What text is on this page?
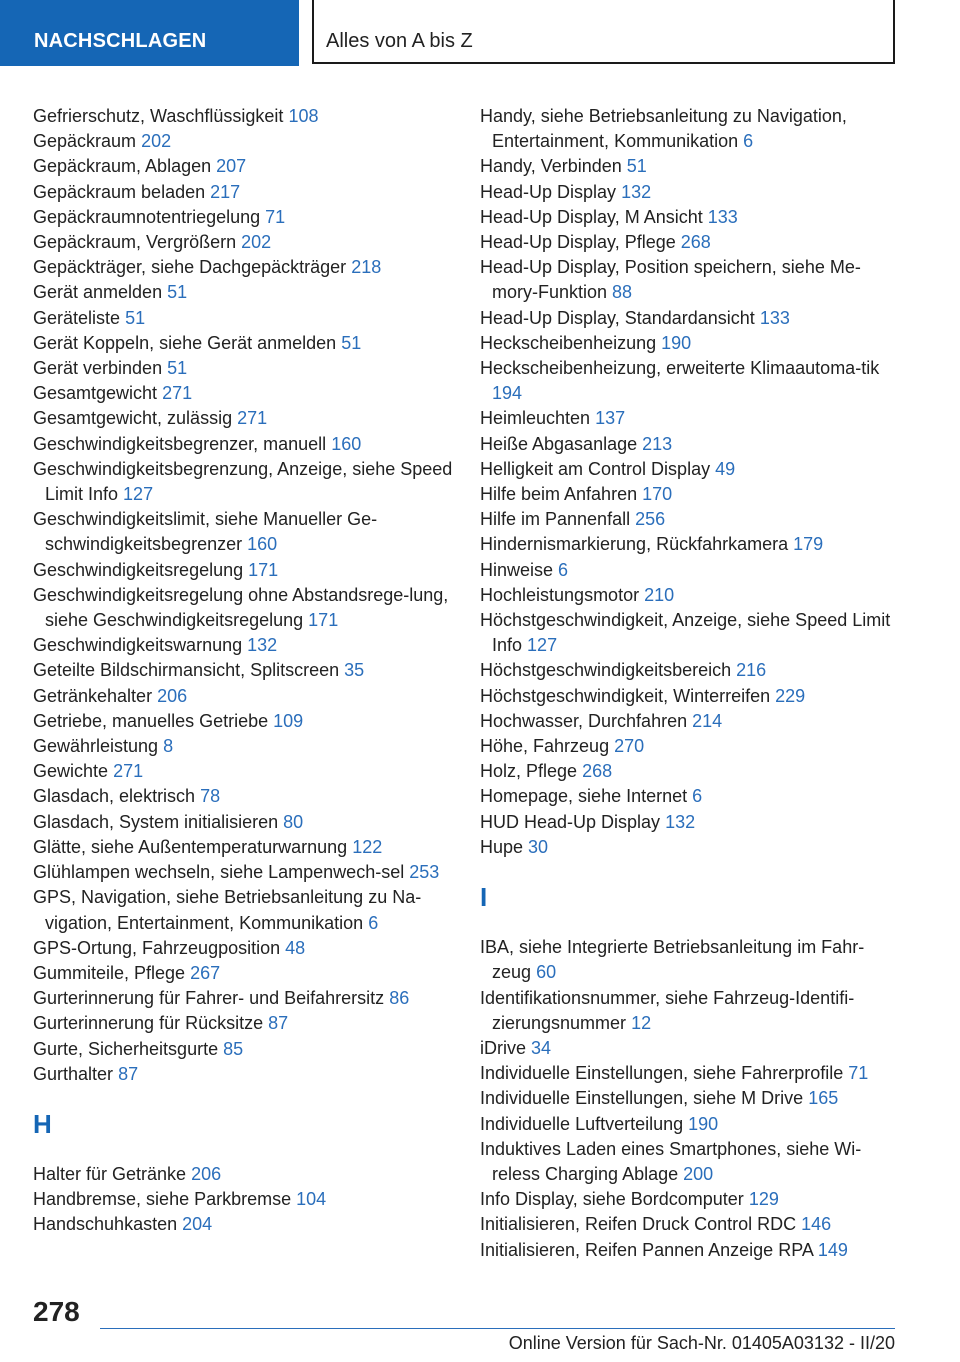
NACHSCHLAGEN	Alles von A bis Z

Gefrierschutz, Waschflüssigkeit 108

Gepäckraum 202

Gepäckraum, Ablagen 207

Gepäckraum beladen 217

Gepäckraumnotentriegelung 71

Gepäckraum, Vergrößern 202

Gepäckträger, siehe Dachgepäckträger 218

Gerät anmelden 51

Geräteliste 51

Gerät Koppeln, siehe Gerät anmelden 51

Gerät verbinden 51

Gesamtgewicht 271

Gesamtgewicht, zulässig 271

Geschwindigkeitsbegrenzer, manuell 160

Geschwindigkeitsbegrenzung, Anzeige, siehe Speed Limit Info 127

Geschwindigkeitslimit, siehe Manueller Ge-schwindigkeitsbegrenzer 160

Geschwindigkeitsregelung 171

Geschwindigkeitsregelung ohne Abstandsrege-lung, siehe Geschwindigkeitsregelung 171

Geschwindigkeitswarnung 132

Geteilte Bildschirmansicht, Splitscreen 35

Getränkehalter 206

Getriebe, manuelles Getriebe 109

Gewährleistung 8

Gewichte 271

Glasdach, elektrisch 78

Glasdach, System initialisieren 80

Glätte, siehe Außentemperaturwarnung 122

Glühlampen wechseln, siehe Lampenwech-sel 253

GPS, Navigation, siehe Betriebsanleitung zu Na-vigation, Entertainment, Kommunikation 6

GPS-Ortung, Fahrzeugposition 48

Gummiteile, Pflege 267

Gurterinnerung für Fahrer- und Beifahrersitz 86

Gurterinnerung für Rücksitze 87

Gurte, Sicherheitsgurte 85

Gurthalter 87

H

Halter für Getränke 206

Handbremse, siehe Parkbremse 104

Handschuhkasten 204

Handy, siehe Betriebsanleitung zu Navigation, Entertainment, Kommunikation 6

Handy, Verbinden 51

Head-Up Display 132

Head-Up Display, M Ansicht 133

Head-Up Display, Pflege 268

Head-Up Display, Position speichern, siehe Me-mory-Funktion 88

Head-Up Display, Standardansicht 133

Heckscheibenheizung 190

Heckscheibenheizung, erweiterte Klimaautoma-tik 194

Heimleuchten 137

Heiße Abgasanlage 213

Helligkeit am Control Display 49

Hilfe beim Anfahren 170

Hilfe im Pannenfall 256

Hindernismarkierung, Rückfahrkamera 179

Hinweise 6

Hochleistungsmotor 210

Höchstgeschwindigkeit, Anzeige, siehe Speed Limit Info 127

Höchstgeschwindigkeitsbereich 216

Höchstgeschwindigkeit, Winterreifen 229

Hochwasser, Durchfahren 214

Höhe, Fahrzeug 270

Holz, Pflege 268

Homepage, siehe Internet 6

HUD Head-Up Display 132

Hupe 30

I

IBA, siehe Integrierte Betriebsanleitung im Fahr-zeug 60

Identifikationsnummer, siehe Fahrzeug-Identifi-zierungsnummer 12

iDrive 34

Individuelle Einstellungen, siehe Fahrerprofile 71

Individuelle Einstellungen, siehe M Drive 165

Individuelle Luftverteilung 190

Induktives Laden eines Smartphones, siehe Wi-reless Charging Ablage 200

Info Display, siehe Bordcomputer 129

Initialisieren, Reifen Druck Control RDC 146

Initialisieren, Reifen Pannen Anzeige RPA 149

278
Online Version für Sach-Nr. 01405A03132 - II/20
